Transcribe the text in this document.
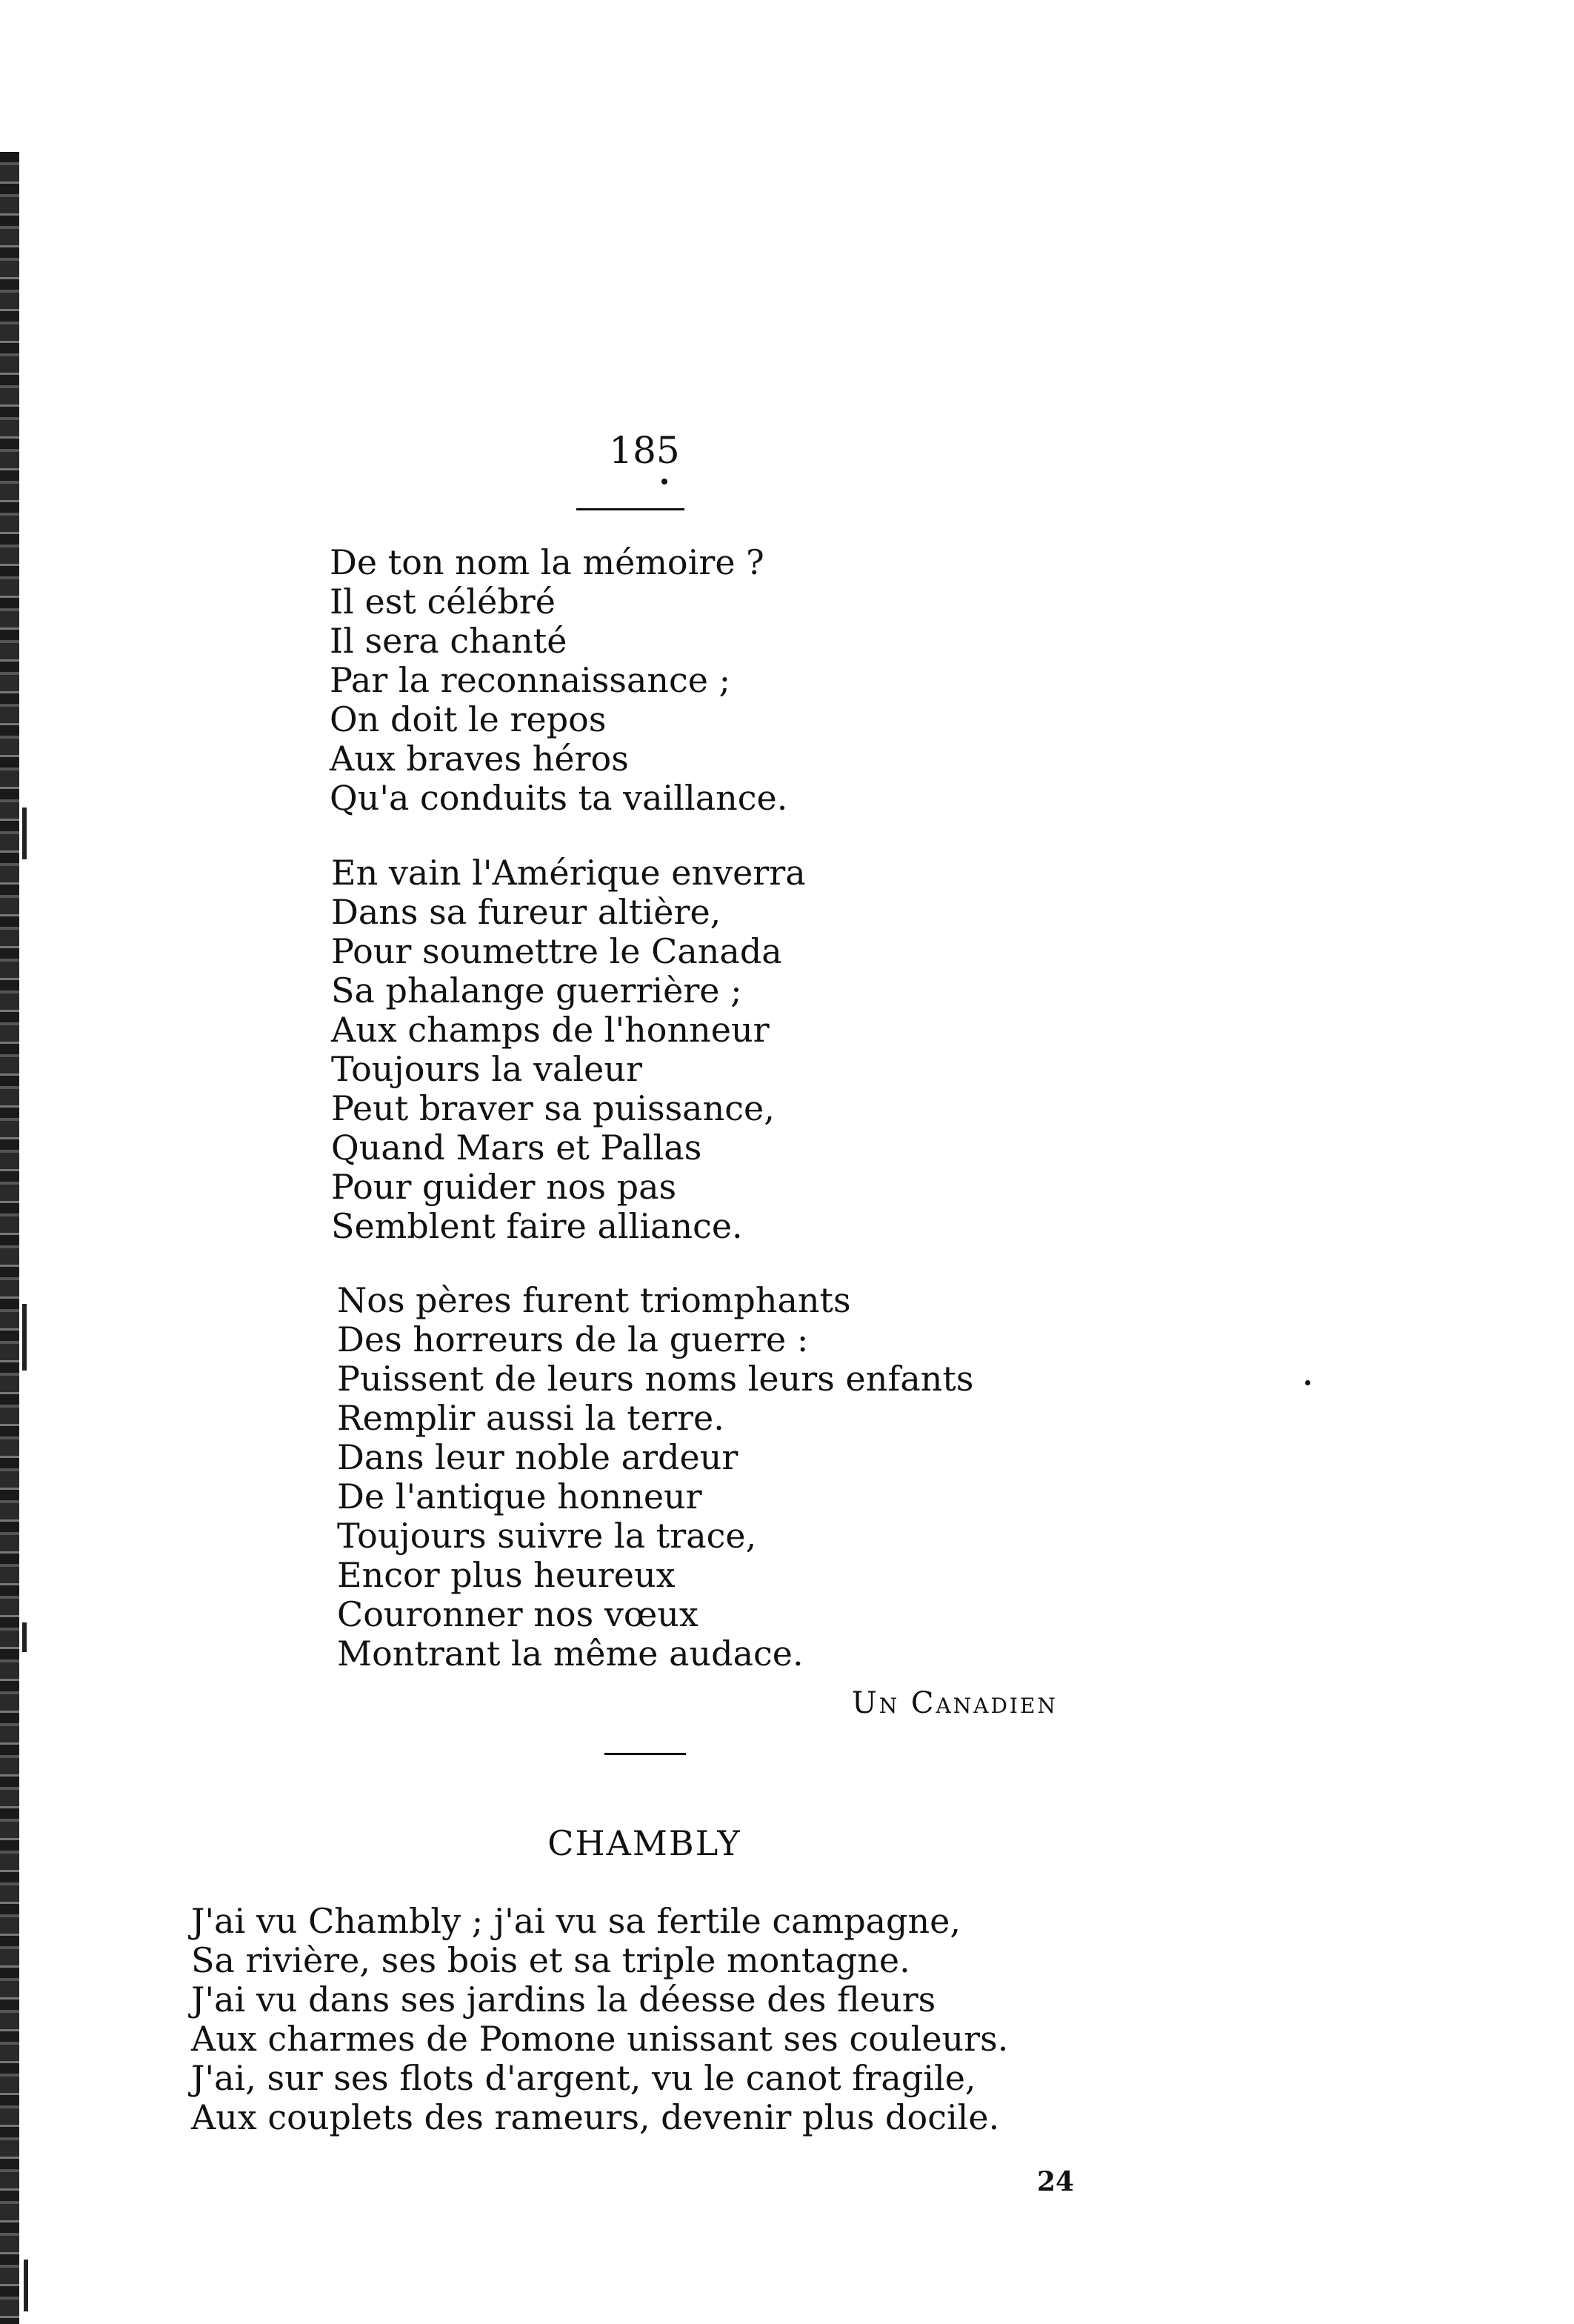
185
De ton nom la mémoire ?
Il est célébré
Il sera chanté
Par la reconnaissance ;
On doit le repos
Aux braves héros
Qu'a conduits ta vaillance.
En vain l'Amérique enverra
Dans sa fureur altière,
Pour soumettre le Canada
Sa phalange guerrière ;
Aux champs de l'honneur
Toujours la valeur
Peut braver sa puissance,
Quand Mars et Pallas
Pour guider nos pas
Semblent faire alliance.
Nos pères furent triomphants
Des horreurs de la guerre :
Puissent de leurs noms leurs enfants
Remplir aussi la terre.
Dans leur noble ardeur
De l'antique honneur
Toujours suivre la trace,
Encor plus heureux
Couronner nos vœux
Montrant la même audace.
Un Canadien
CHAMBLY
J'ai vu Chambly ; j'ai vu sa fertile campagne,
Sa rivière, ses bois et sa triple montagne.
J'ai vu dans ses jardins la déesse des fleurs
Aux charmes de Pomone unissant ses couleurs.
J'ai, sur ses flots d'argent, vu le canot fragile,
Aux couplets des rameurs, devenir plus docile.
24
